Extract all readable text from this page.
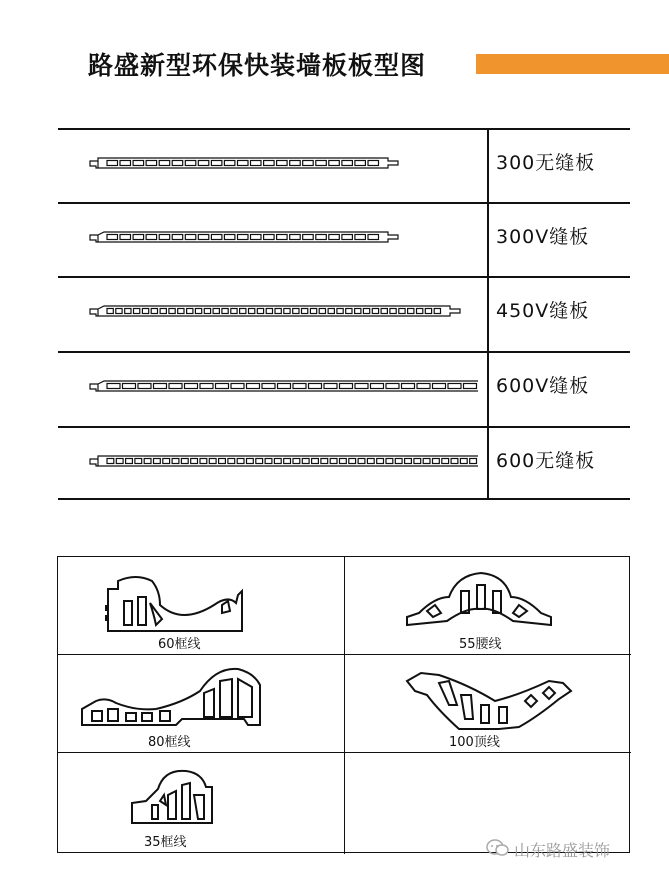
路盛新型环保快装墙板板型图
300无缝板
300V缝板
450V缝板
600V缝板
600无缝板
60框线	55腰线
80框线	100顶线
35框线	山东路盛装饰
